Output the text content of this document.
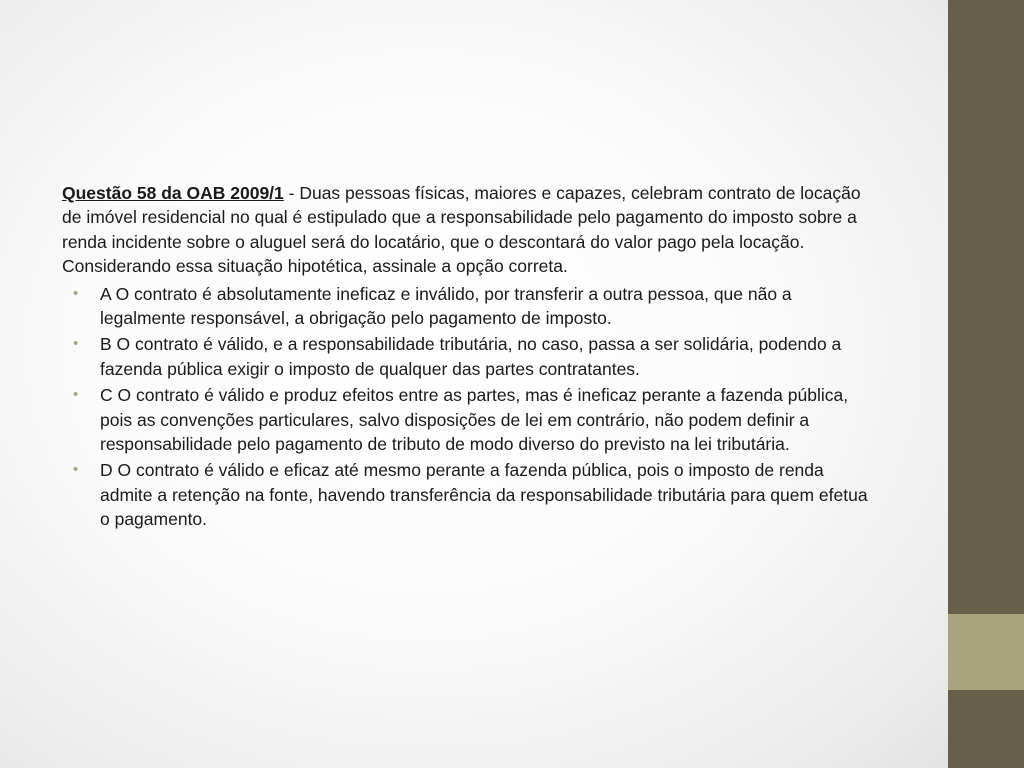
Questão 58 da OAB 2009/1 - Duas pessoas físicas, maiores e capazes, celebram contrato de locação de imóvel residencial no qual é estipulado que a responsabilidade pelo pagamento do imposto sobre a renda incidente sobre o aluguel será do locatário, que o descontará do valor pago pela locação. Considerando essa situação hipotética, assinale a opção correta.

• A O contrato é absolutamente ineficaz e inválido, por transferir a outra pessoa, que não a legalmente responsável, a obrigação pelo pagamento de imposto.
• B O contrato é válido, e a responsabilidade tributária, no caso, passa a ser solidária, podendo a fazenda pública exigir o imposto de qualquer das partes contratantes.
• C O contrato é válido e produz efeitos entre as partes, mas é ineficaz perante a fazenda pública, pois as convenções particulares, salvo disposições de lei em contrário, não podem definir a responsabilidade pelo pagamento de tributo de modo diverso do previsto na lei tributária.
• D O contrato é válido e eficaz até mesmo perante a fazenda pública, pois o imposto de renda admite a retenção na fonte, havendo transferência da responsabilidade tributária para quem efetua o pagamento.
